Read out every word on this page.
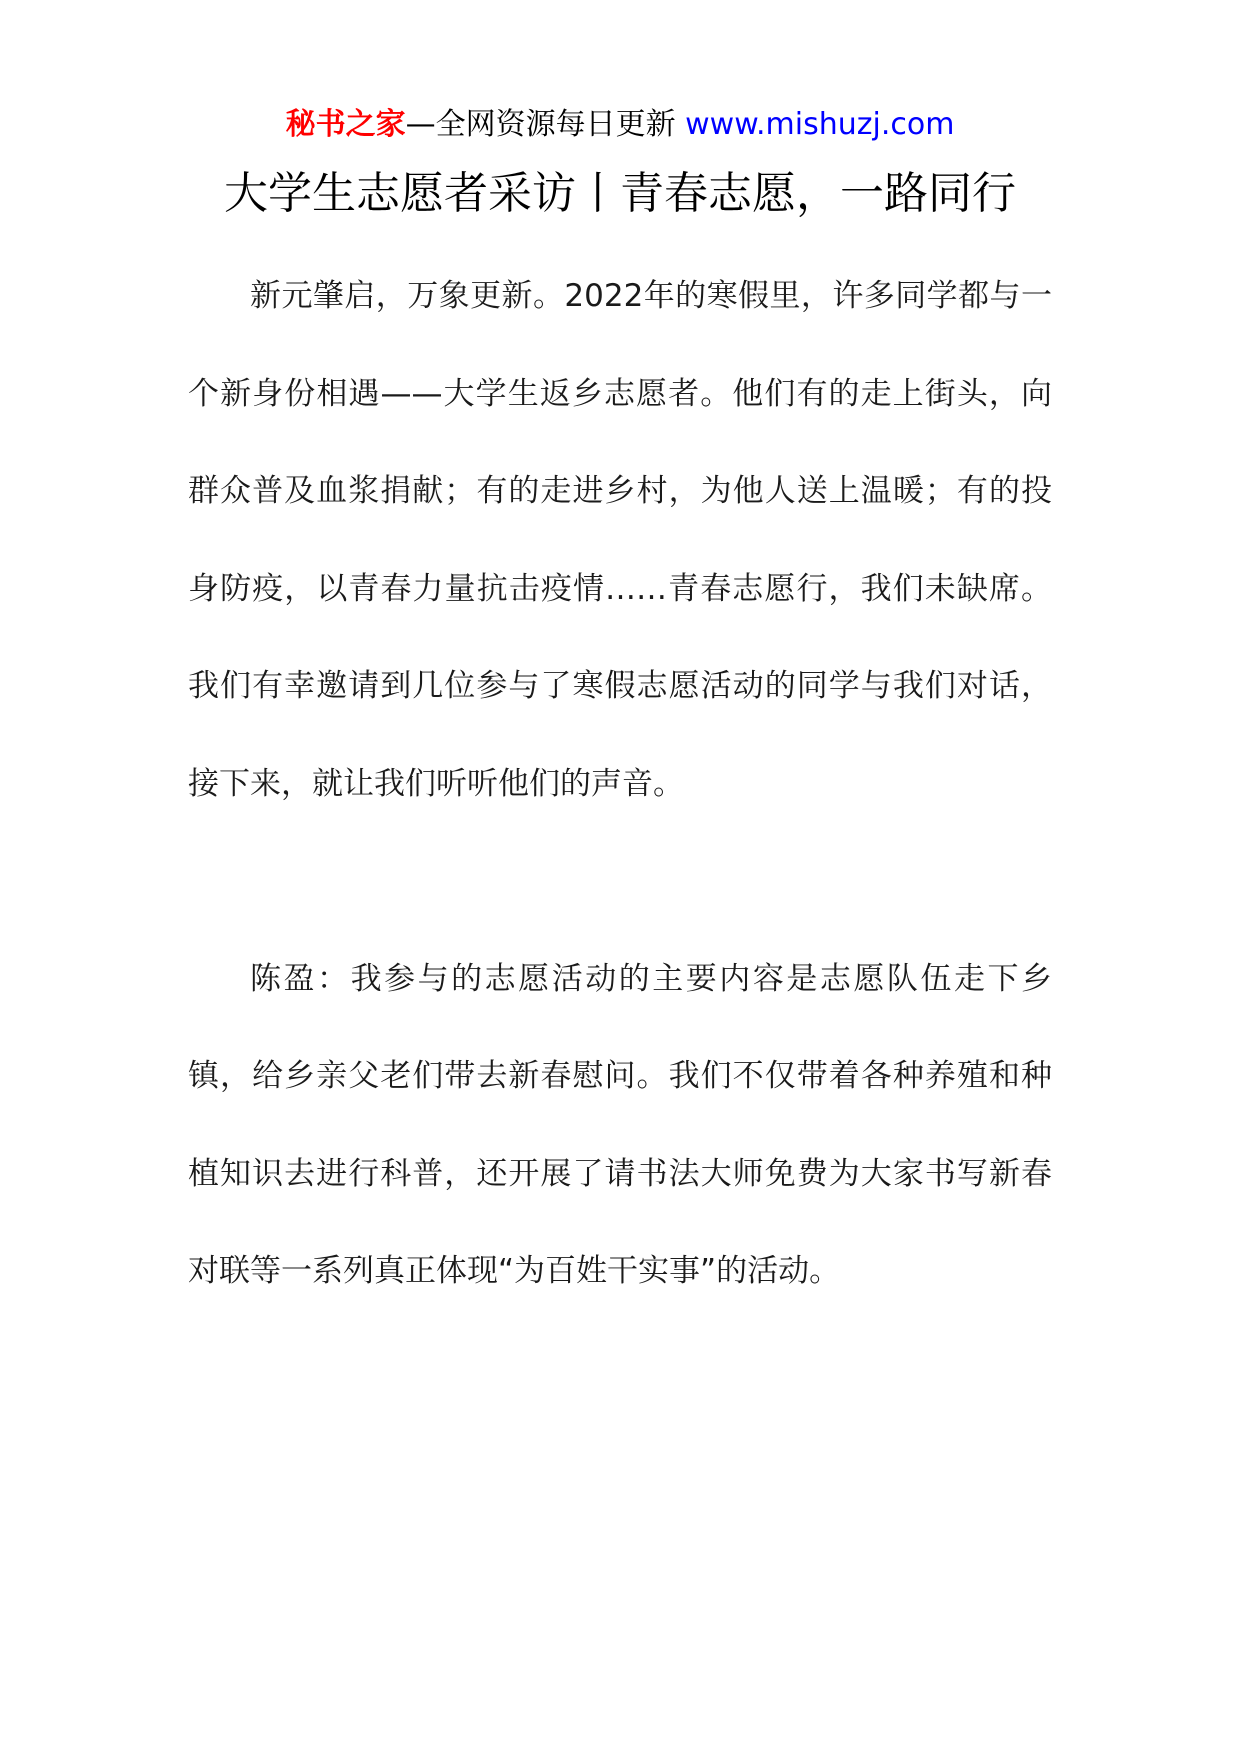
秘书之家—全网资源每日更新 www.mishuzj.com
大学生志愿者采访丨青春志愿，一路同行

新元肇启，万象更新。2022年的寒假里，许多同学都与一个新身份相遇——大学生返乡志愿者。他们有的走上街头，向群众普及血浆捐献；有的走进乡村，为他人送上温暖；有的投身防疫，以青春力量抗击疫情……青春志愿行，我们未缺席。我们有幸邀请到几位参与了寒假志愿活动的同学与我们对话，接下来，就让我们听听他们的声音。

陈盈：我参与的志愿活动的主要内容是志愿队伍走下乡镇，给乡亲父老们带去新春慰问。我们不仅带着各种养殖和种植知识去进行科普，还开展了请书法大师免费为大家书写新春对联等一系列真正体现“为百姓干实事”的活动。
